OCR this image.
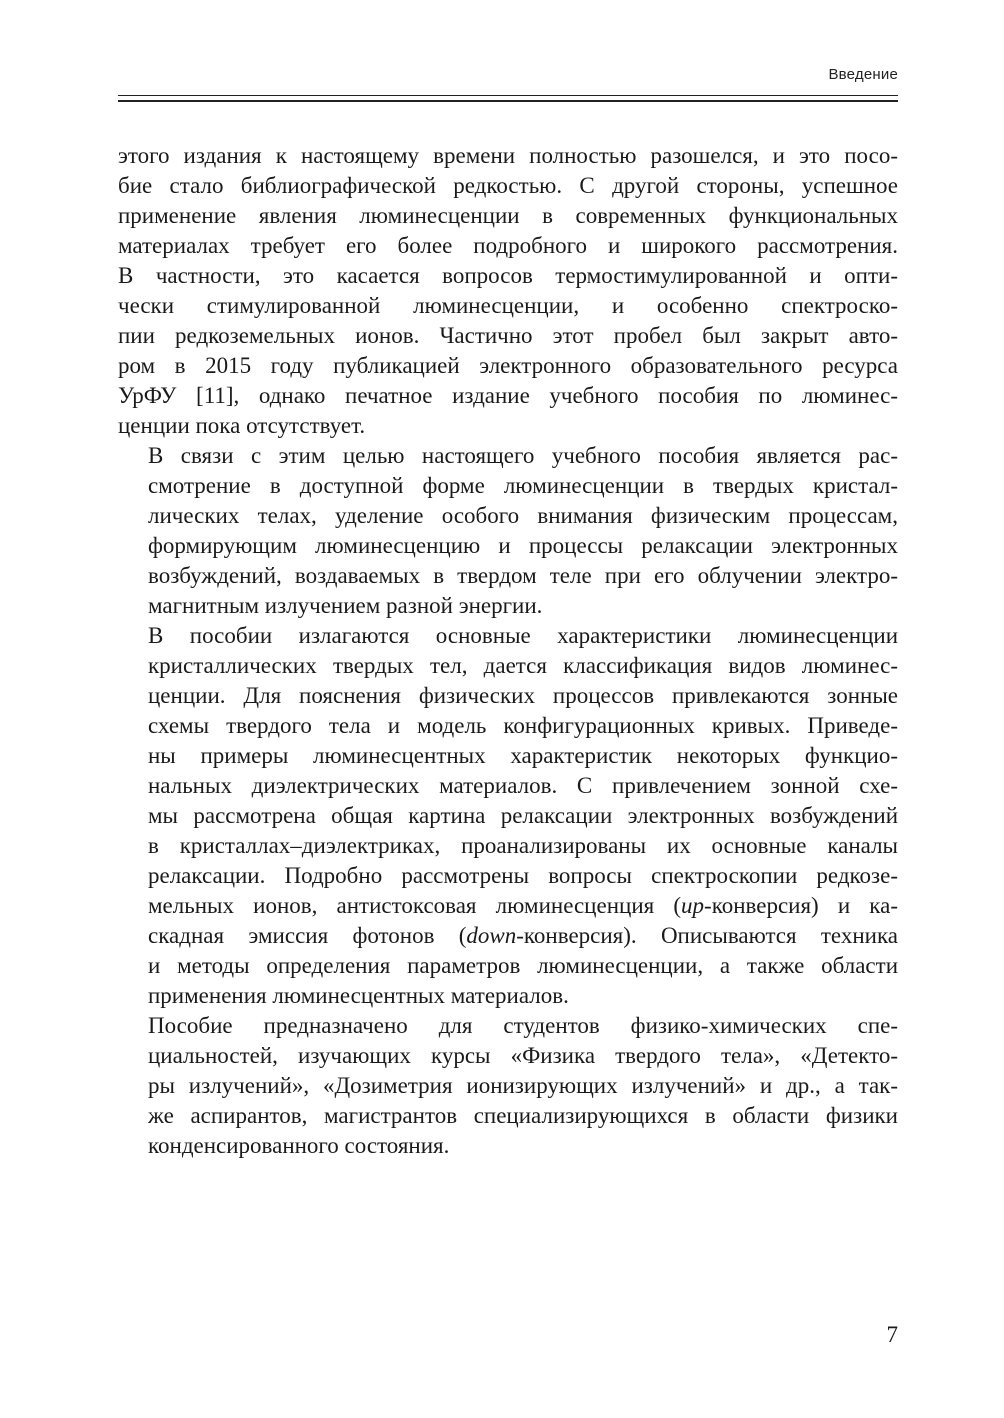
Введение
этого издания к настоящему времени полностью разошелся, и это посо-
бие стало библиографической редкостью. С другой стороны, успешное
применение явления люминесценции в современных функциональных
материалах требует его более подробного и широкого рассмотрения.
В частности, это касается вопросов термостимулированной и опти-
чески стимулированной люминесценции, и особенно спектроско-
пии редкоземельных ионов. Частично этот пробел был закрыт авто-
ром в 2015 году публикацией электронного образовательного ресурса
УрФУ [11], однако печатное издание учебного пособия по люминес-
ценции пока отсутствует.
В связи с этим целью настоящего учебного пособия является рас-
смотрение в доступной форме люминесценции в твердых кристал-
лических телах, уделение особого внимания физическим процессам,
формирующим люминесценцию и процессы релаксации электронных
возбуждений, воздаваемых в твердом теле при его облучении электро-
магнитным излучением разной энергии.
В пособии излагаются основные характеристики люминесценции
кристаллических твердых тел, дается классификация видов люминес-
ценции. Для пояснения физических процессов привлекаются зонные
схемы твердого тела и модель конфигурационных кривых. Приведе-
ны примеры люминесцентных характеристик некоторых функцио-
нальных диэлектрических материалов. С привлечением зонной схе-
мы рассмотрена общая картина релаксации электронных возбуждений
в кристаллах–диэлектриках, проанализированы их основные каналы
релаксации. Подробно рассмотрены вопросы спектроскопии редкозе-
мельных ионов, антистоксовая люминесценция (up-конверсия) и ка-
скадная эмиссия фотонов (down-конверсия). Описываются техника
и методы определения параметров люминесценции, а также области
применения люминесцентных материалов.
Пособие предназначено для студентов физико-химических спе-
циальностей, изучающих курсы «Физика твердого тела», «Детекто-
ры излучений», «Дозиметрия ионизирующих излучений» и др., а так-
же аспирантов, магистрантов специализирующихся в области физики
конденсированного состояния.
7
